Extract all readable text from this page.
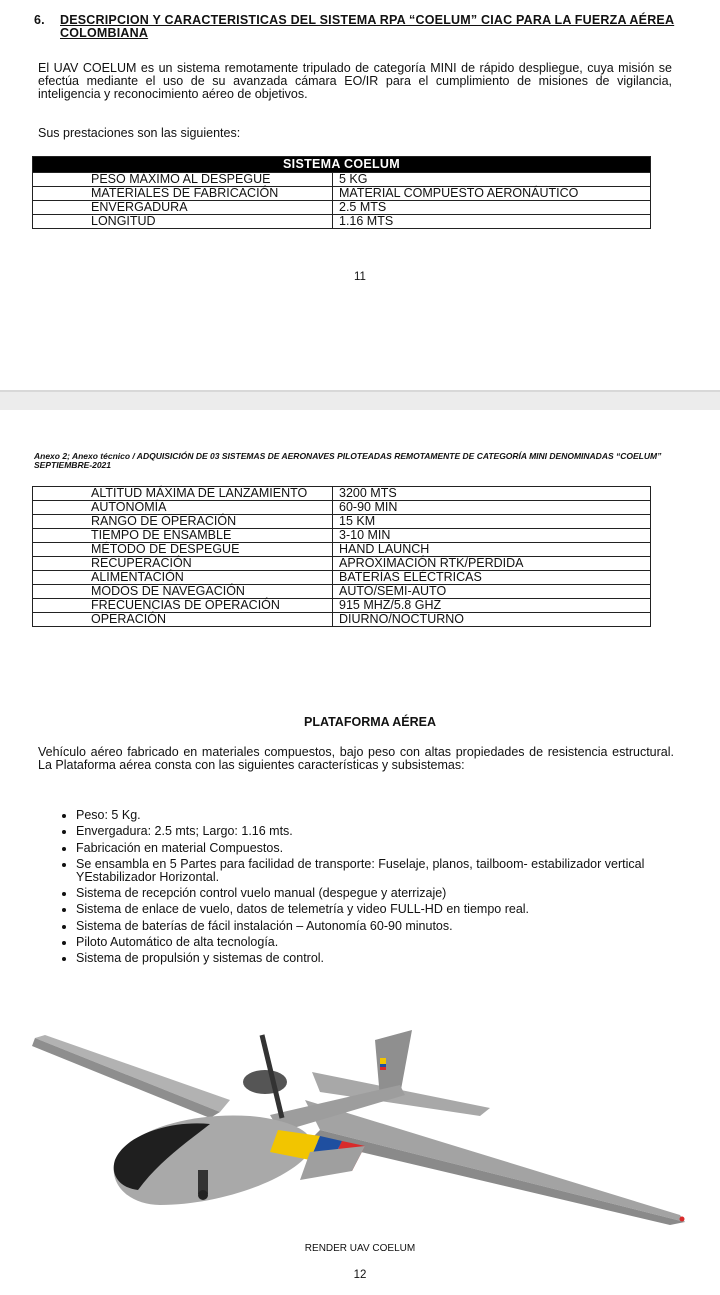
6. DESCRIPCION Y CARACTERISTICAS DEL SISTEMA RPA “COELUM” CIAC PARA LA FUERZA AÉREA COLOMBIANA
El UAV COELUM es un sistema remotamente tripulado de categoría MINI de rápido despliegue, cuya misión se efectúa mediante el uso de su avanzada cámara EO/IR para el cumplimiento de misiones de vigilancia, inteligencia y reconocimiento aéreo de objetivos.
Sus prestaciones son las siguientes:
SISTEMA COELUM	
PESO MÁXIMO AL DESPEGUE	5 KG
MATERIALES DE FABRICACIÓN	MATERIAL COMPUESTO AERONÁUTICO
ENVERGADURA	2.5 MTS
LONGITUD	1.16 MTS
11
Anexo 2; Anexo técnico / ADQUISICIÓN DE 03 SISTEMAS DE AERONAVES PILOTEADAS REMOTAMENTE DE CATEGORÍA MINI DENOMINADAS “COELUM” SEPTIEMBRE-2021
ALTITUD MÁXIMA DE LANZAMIENTO	3200 MTS
AUTONOMÍA	60-90 MIN
RANGO DE OPERACIÓN	15 KM
TIEMPO DE ENSAMBLE	3-10 MIN
MÉTODO DE DESPEGUE	HAND LAUNCH
RECUPERACIÓN	APROXIMACIÓN RTK/PERDIDA
ALIMENTACIÓN	BATERÍAS ELÉCTRICAS
MODOS DE NAVEGACIÓN	AUTO/SEMI-AUTO
FRECUENCIAS DE OPERACIÓN	915 MHZ/5.8 GHZ
OPERACIÓN	DIURNO/NOCTURNO
PLATAFORMA AÉREA
Vehículo aéreo fabricado en materiales compuestos, bajo peso con altas propiedades de resistencia estructural. La Plataforma aérea consta con las siguientes características y subsistemas:
• Peso: 5 Kg.
• Envergadura: 2.5 mts; Largo: 1.16 mts.
• Fabricación en material Compuestos.
• Se ensambla en 5 Partes para facilidad de transporte: Fuselaje, planos, tailboom- estabilizador vertical YEstabilizador Horizontal.
• Sistema de recepción control vuelo manual (despegue y aterrizaje)
• Sistema de enlace de vuelo, datos de telemetría y video FULL-HD en tiempo real.
• Sistema de baterías de fácil instalación – Autonomía 60-90 minutos.
• Piloto Automático de alta tecnología.
• Sistema de propulsión y sistemas de control.
RENDER UAV COELUM
12
